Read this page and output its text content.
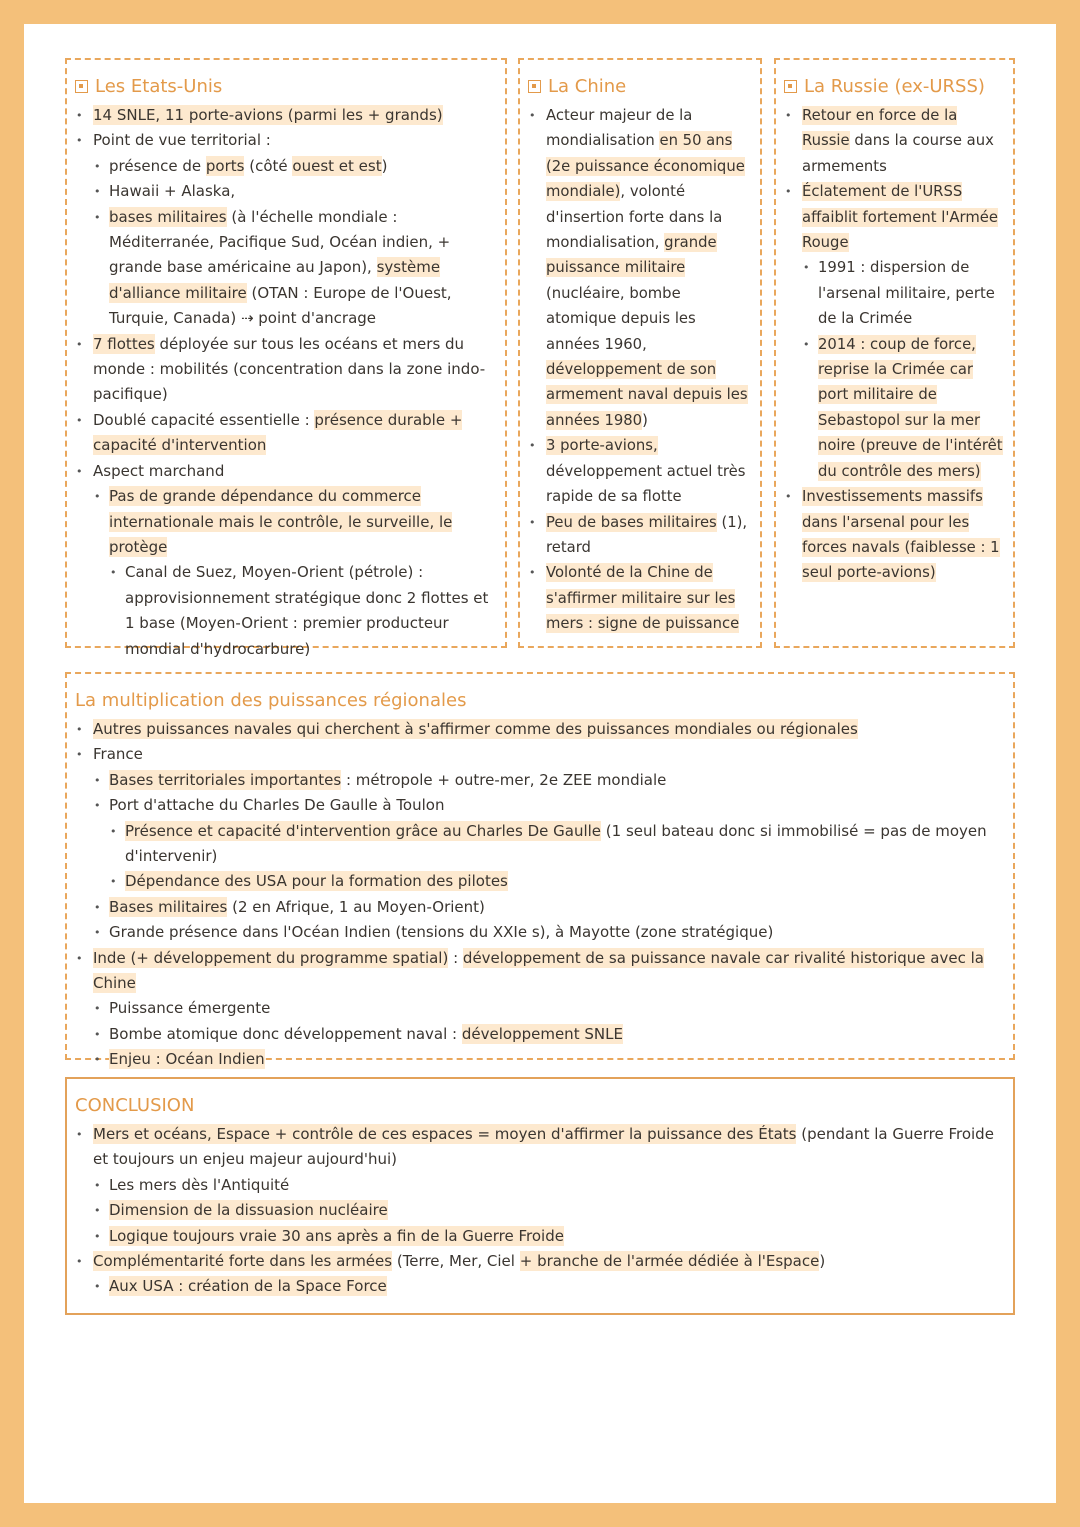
Les Etats-Unis
• 14 SNLE, 11 porte-avions (parmi les + grands)
• Point de vue territorial :
• présence de ports (côté ouest et est)
• Hawaii + Alaska,
• bases militaires (à l'échelle mondiale : Méditerranée, Pacifique Sud, Océan indien, + grande base américaine au Japon), système d'alliance militaire (OTAN : Europe de l'Ouest, Turquie, Canada) ⇢ point d'ancrage
• 7 flottes déployée sur tous les océans et mers du monde : mobilités (concentration dans la zone indo-pacifique)
• Doublé capacité essentielle : présence durable + capacité d'intervention
• Aspect marchand
• Pas de grande dépendance du commerce internationale mais le contrôle, le surveille, le protège
• Canal de Suez, Moyen-Orient (pétrole) : approvisionnement stratégique donc 2 flottes et 1 base (Moyen-Orient : premier producteur mondial d'hydrocarbure)
La Chine
• Acteur majeur de la mondialisation en 50 ans (2e puissance économique mondiale), volonté d'insertion forte dans la mondialisation, grande puissance militaire (nucléaire, bombe atomique depuis les années 1960, développement de son armement naval depuis les années 1980)
• 3 porte-avions, développement actuel très rapide de sa flotte
• Peu de bases militaires (1), retard
• Volonté de la Chine de s'affirmer militaire sur les mers : signe de puissance
La Russie (ex-URSS)
• Retour en force de la Russie dans la course aux armements
• Éclatement de l'URSS affaiblit fortement l'Armée Rouge
• 1991 : dispersion de l'arsenal militaire, perte de la Crimée
• 2014 : coup de force, reprise la Crimée car port militaire de Sebastopol sur la mer noire (preuve de l'intérêt du contrôle des mers)
• Investissements massifs dans l'arsenal pour les forces navals (faiblesse : 1 seul porte-avions)
La multiplication des puissances régionales
• Autres puissances navales qui cherchent à s'affirmer comme des puissances mondiales ou régionales
• France
• Bases territoriales importantes : métropole + outre-mer, 2e ZEE mondiale
• Port d'attache du Charles De Gaulle à Toulon
• Présence et capacité d'intervention grâce au Charles De Gaulle (1 seul bateau donc si immobilisé = pas de moyen d'intervenir)
• Dépendance des USA pour la formation des pilotes
• Bases militaires (2 en Afrique, 1 au Moyen-Orient)
• Grande présence dans l'Océan Indien (tensions du XXIe s), à Mayotte (zone stratégique)
• Inde (+ développement du programme spatial) : développement de sa puissance navale car rivalité historique avec la Chine
• Puissance émergente
• Bombe atomique donc développement naval : développement SNLE
• Enjeu : Océan Indien
CONCLUSION
• Mers et océans, Espace + contrôle de ces espaces = moyen d'affirmer la puissance des États (pendant la Guerre Froide et toujours un enjeu majeur aujourd'hui)
• Les mers dès l'Antiquité
• Dimension de la dissuasion nucléaire
• Logique toujours vraie 30 ans après a fin de la Guerre Froide
• Complémentarité forte dans les armées (Terre, Mer, Ciel + branche de l'armée dédiée à l'Espace)
• Aux USA : création de la Space Force
